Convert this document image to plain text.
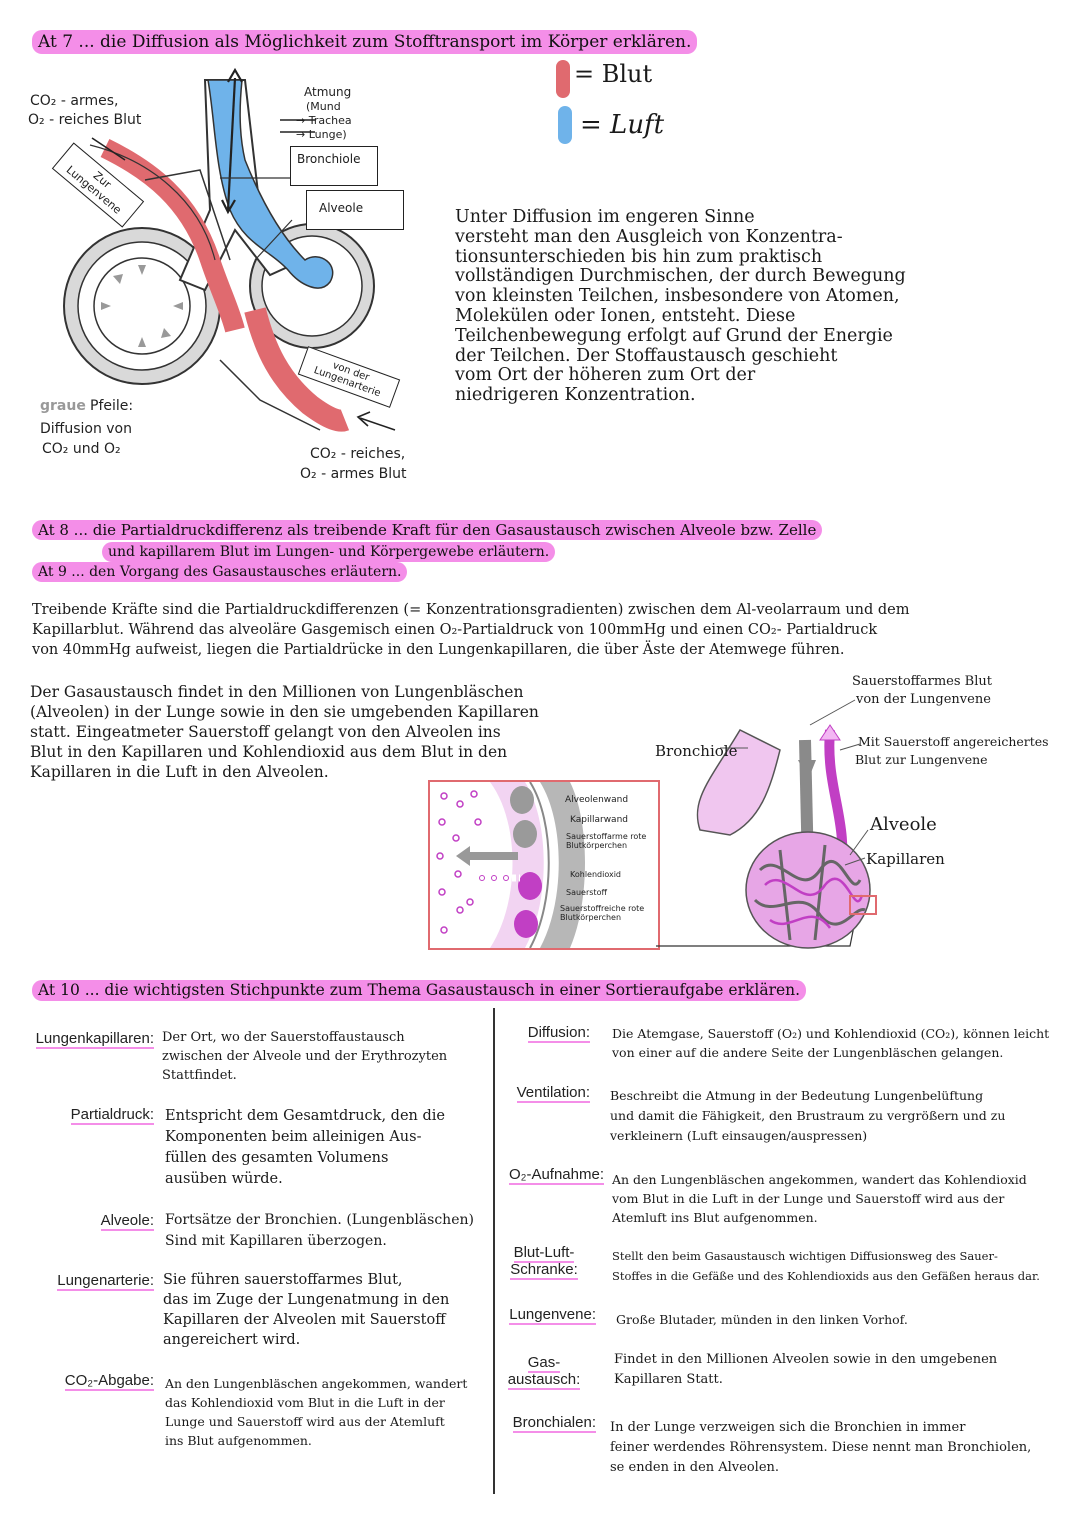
At 7 ... die Diffusion als Möglichkeit zum Stofftransport im Körper erklären.
CO₂ - armes,
O₂ - reiches Blut
Zur Lungenvene
Atmung
(Mund
→ Trachea
→ Lunge)
Bronchiole
Alveole
von der Lungenarterie
graue Pfeile:
Diffusion von
CO₂ und O₂	CO₂ - reiches,
O₂ - armes Blut
= Blut
= Luft
Unter Diffusion im engeren Sinne
versteht man den Ausgleich von Konzentra-
tionsunterschieden bis hin zum praktisch
vollständigen Durchmischen, der durch Bewegung
von kleinsten Teilchen, insbesondere von Atomen,
Molekülen oder Ionen, entsteht. Diese
Teilchenbewegung erfolgt auf Grund der Energie
der Teilchen. Der Stoffaustausch geschieht
vom Ort der höheren zum Ort der
niedrigeren Konzentration.
At 8 ... die Partialdruckdifferenz als treibende Kraft für den Gasaustausch zwischen Alveole bzw. Zelle
und kapillarem Blut im Lungen- und Körpergewebe erläutern.
At 9 ... den Vorgang des Gasaustausches erläutern.
Treibende Kräfte sind die Partialdruckdifferenzen (= Konzentrationsgradienten) zwischen dem Al-veolarraum und dem
Kapillarblut. Während das alveoläre Gasgemisch einen O₂-Partialdruck von 100mmHg und einen CO₂- Partialdruck
von 40mmHg aufweist, liegen die Partialdrücke in den Lungenkapillaren, die über Äste der Atemwege führen.
Der Gasaustausch findet in den Millionen von Lungenbläschen
(Alveolen) in der Lunge sowie in den sie umgebenden Kapillaren
statt. Eingeatmeter Sauerstoff gelangt von den Alveolen ins
Blut in den Kapillaren und Kohlendioxid aus dem Blut in den
Kapillaren in die Luft in den Alveolen.
Alveolenwand
Kapillarwand
Sauerstoffarme rote Blutkörperchen
Kohlendioxid
Sauerstoff
Sauerstoffreiche rote Blutkörperchen
Bronchiole
Sauerstoffarmes Blut
von der Lungenvene
Mit Sauerstoff angereichertes
Blut zur Lungenvene
Alveole
Kapillaren
At 10 ... die wichtigsten Stichpunkte zum Thema Gasaustausch in einer Sortieraufgabe erklären.
Lungenkapillaren: Der Ort, wo der Sauerstoffaustausch
zwischen der Alveole und der Erythrozyten
Stattfindet.
Partialdruck: Entspricht dem Gesamtdruck, den die
Komponenten beim alleinigen Aus-
füllen des gesamten Volumens
ausüben würde.
Alveole: Fortsätze der Bronchien. (Lungenbläschen)
Sind mit Kapillaren überzogen.
Lungenarterie: Sie führen sauerstoffarmes Blut,
das im Zuge der Lungenatmung in den
Kapillaren der Alveolen mit Sauerstoff
angereichert wird.
CO₂-Abgabe: An den Lungenbläschen angekommen, wandert
das Kohlendioxid vom Blut in die Luft in der
Lunge und Sauerstoff wird aus der Atemluft
ins Blut aufgenommen.
Diffusion: Die Atemgase, Sauerstoff (O₂) und Kohlendioxid (CO₂), können leicht
von einer auf die andere Seite der Lungenbläschen gelangen.
Ventilation: Beschreibt die Atmung in der Bedeutung Lungenbelüftung
und damit die Fähigkeit, den Brustraum zu vergrößern und zu
verkleinern (Luft einsaugen/auspressen)
O₂-Aufnahme: An den Lungenbläschen angekommen, wandert das Kohlendioxid
vom Blut in die Luft in der Lunge und Sauerstoff wird aus der
Atemluft ins Blut aufgenommen.
Blut-Luft-
Schranke:
Stellt den beim Gasaustausch wichtigen Diffusionsweg des Sauer-
Stoffes in die Gefäße und des Kohlendioxids aus den Gefäßen heraus dar.
Lungenvene: Große Blutader, münden in den linken Vorhof.
Gas-
austausch:
Findet in den Millionen Alveolen sowie in den umgebenen
Kapillaren Statt.
Bronchialen: In der Lunge verzweigen sich die Bronchien in immer
feiner werdendes Röhrensystem. Diese nennt man Bronchiolen,
se enden in den Alveolen.
